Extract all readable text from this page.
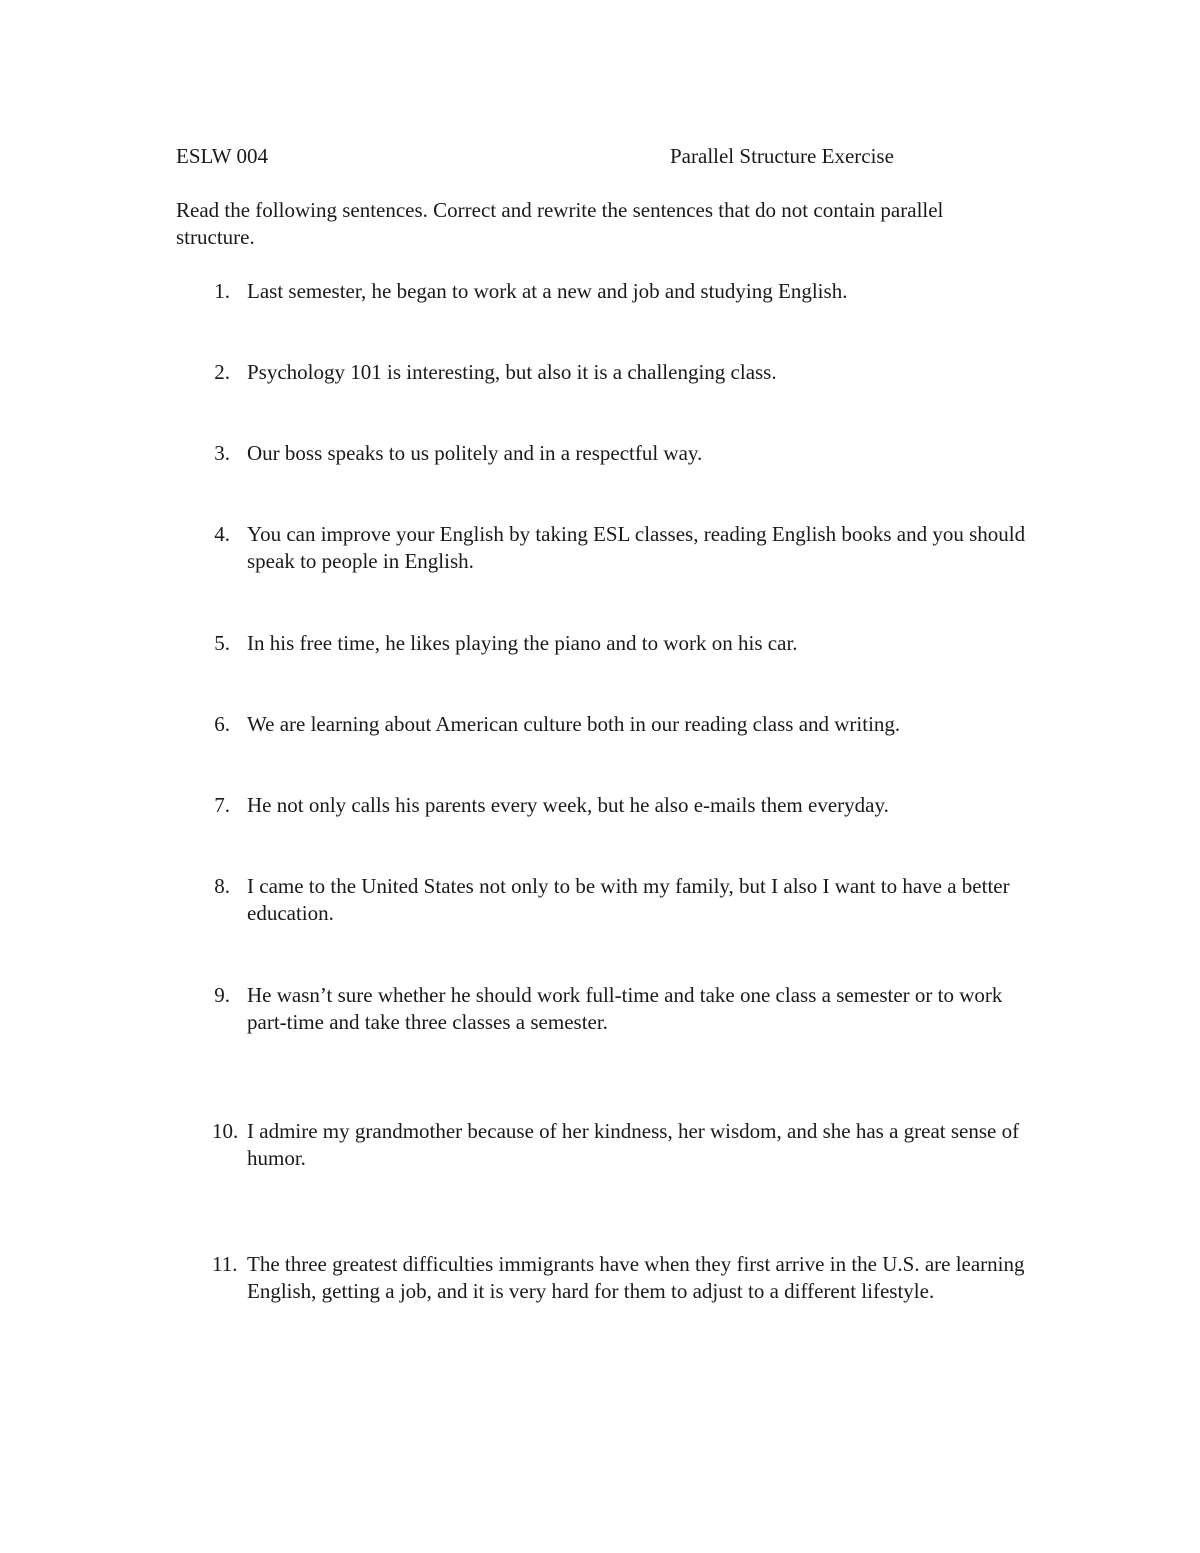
ESLW 004	Parallel Structure Exercise
Read the following sentences. Correct and rewrite the sentences that do not contain parallel structure.
1. Last semester, he began to work at a new and job and studying English.
2. Psychology 101 is interesting, but also it is a challenging class.
3. Our boss speaks to us politely and in a respectful way.
4. You can improve your English by taking ESL classes, reading English books and you should speak to people in English.
5. In his free time, he likes playing the piano and to work on his car.
6. We are learning about American culture both in our reading class and writing.
7. He not only calls his parents every week, but he also e-mails them everyday.
8. I came to the United States not only to be with my family, but I also I want to have a better education.
9. He wasn’t sure whether he should work full-time and take one class a semester or to work part-time and take three classes a semester.
10. I admire my grandmother because of her kindness, her wisdom, and she has a great sense of humor.
11. The three greatest difficulties immigrants have when they first arrive in the U.S. are learning English, getting a job, and it is very hard for them to adjust to a different lifestyle.
